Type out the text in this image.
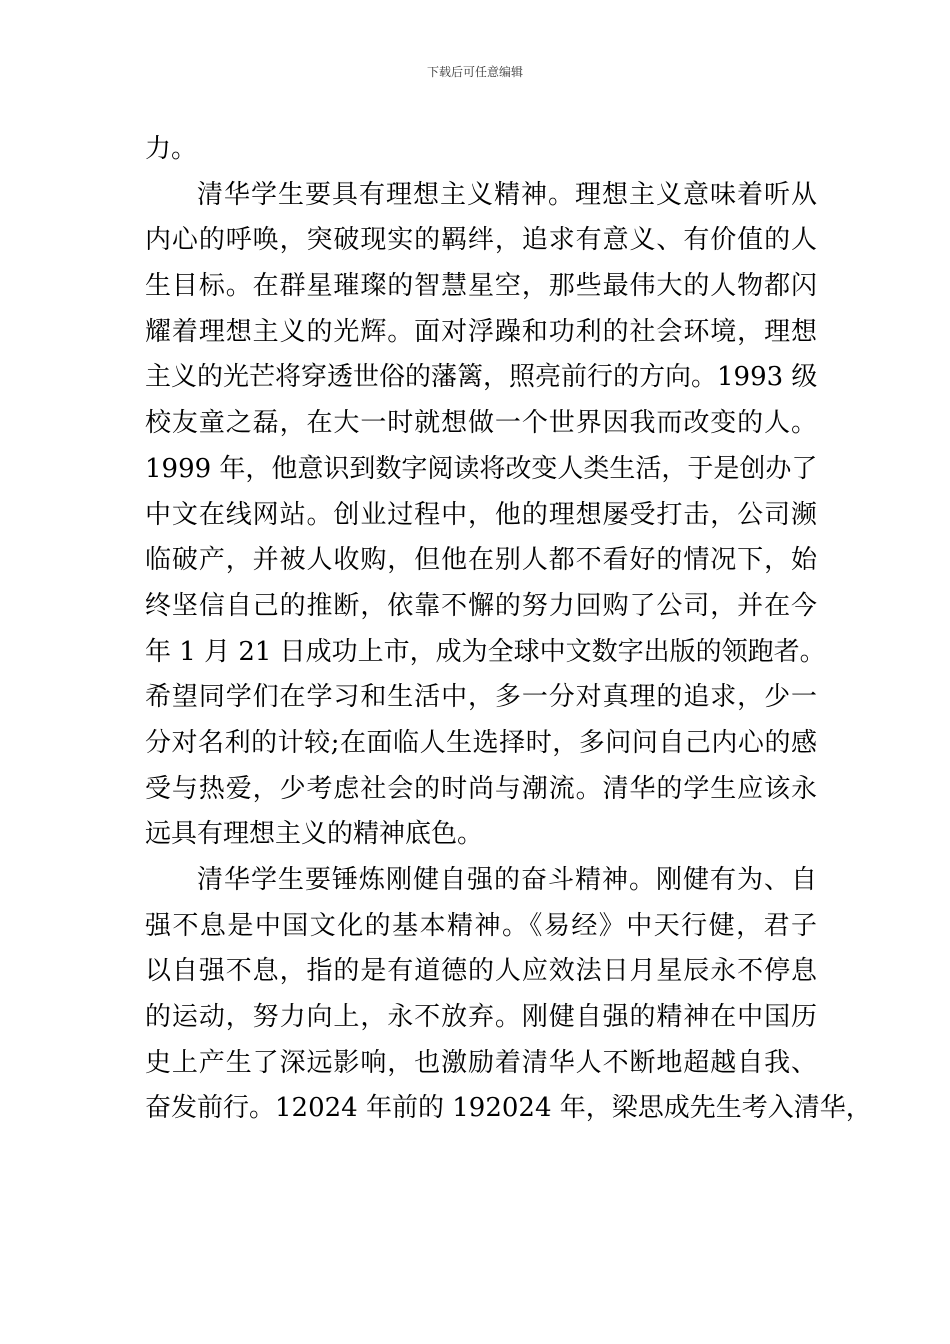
下载后可任意编辑
力。
清华学生要具有理想主义精神。理想主义意味着听从
内心的呼唤，突破现实的羁绊，追求有意义、有价值的人
生目标。在群星璀璨的智慧星空，那些最伟大的人物都闪
耀着理想主义的光辉。面对浮躁和功利的社会环境，理想
主义的光芒将穿透世俗的藩篱，照亮前行的方向。1993 级
校友童之磊，在大一时就想做一个世界因我而改变的人。
1999 年，他意识到数字阅读将改变人类生活，于是创办了
中文在线网站。创业过程中，他的理想屡受打击，公司濒
临破产，并被人收购，但他在别人都不看好的情况下，始
终坚信自己的推断，依靠不懈的努力回购了公司，并在今
年 1 月 21 日成功上市，成为全球中文数字出版的领跑者。
希望同学们在学习和生活中，多一分对真理的追求，少一
分对名利的计较;在面临人生选择时，多问问自己内心的感
受与热爱，少考虑社会的时尚与潮流。清华的学生应该永
远具有理想主义的精神底色。
清华学生要锤炼刚健自强的奋斗精神。刚健有为、自
强不息是中国文化的基本精神。《易经》中天行健，君子
以自强不息，指的是有道德的人应效法日月星辰永不停息
的运动，努力向上，永不放弃。刚健自强的精神在中国历
史上产生了深远影响，也激励着清华人不断地超越自我、
奋发前行。12024 年前的 192024 年，梁思成先生考入清华，
